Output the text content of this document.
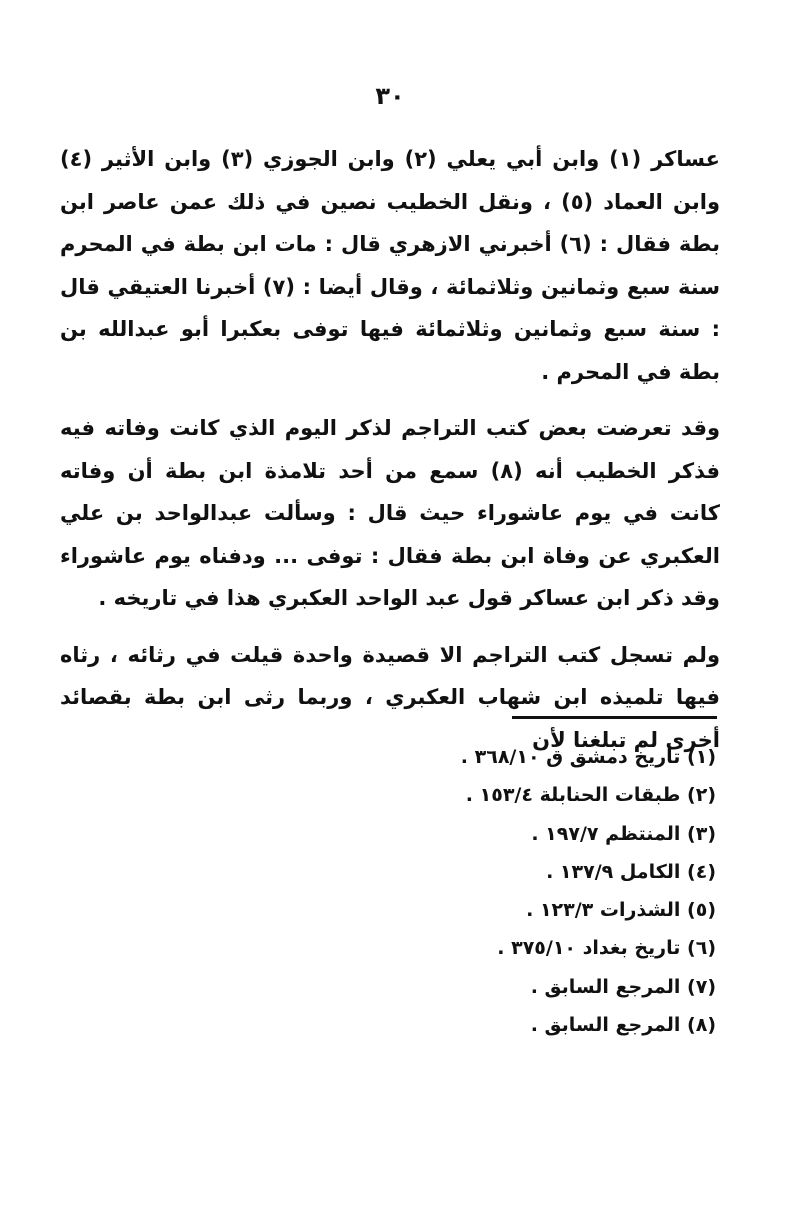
٣٠

عساكر (١) وابن أبي يعلي (٢) وابن الجوزي (٣) وابن الأثير (٤) وابن العماد (٥) ، ونقل الخطيب نصين في ذلك عمن عاصر ابن بطة فقال : (٦) أخبرني الازهري قال : مات ابن بطة في المحرم سنة سبع وثمانين وثلاثمائة ، وقال أيضا : (٧) أخبرنا العتيقي قال : سنة سبع وثمانين وثلاثمائة فيها توفى بعكبرا أبو عبدالله بن بطة في المحرم .

وقد تعرضت بعض كتب التراجم لذكر اليوم الذي كانت وفاته فيه فذكر الخطيب أنه (٨) سمع من أحد تلامذة ابن بطة أن وفاته كانت في يوم عاشوراء حيث قال : وسألت عبدالواحد بن علي العكبري عن وفاة ابن بطة فقال : توفى ... ودفناه يوم عاشوراء وقد ذكر ابن عساكر قول عبد الواحد العكبري هذا في تاريخه .

ولم تسجل كتب التراجم الا قصيدة واحدة قيلت في رثائه ، رثاه فيها تلميذه ابن شهاب العكبري ، وربما رثى ابن بطة بقصائد أخرى لم تبلغنا لأن

(١) تاريخ دمشق ق ٣٦٨/١٠ .
(٢) طبقات الحنابلة ١٥٣/٤ .
(٣) المنتظم ١٩٧/٧ .
(٤) الكامل ١٣٧/٩ .
(٥) الشذرات ١٢٣/٣ .
(٦) تاريخ بغداد ٣٧٥/١٠ .
(٧) المرجع السابق .
(٨) المرجع السابق .
